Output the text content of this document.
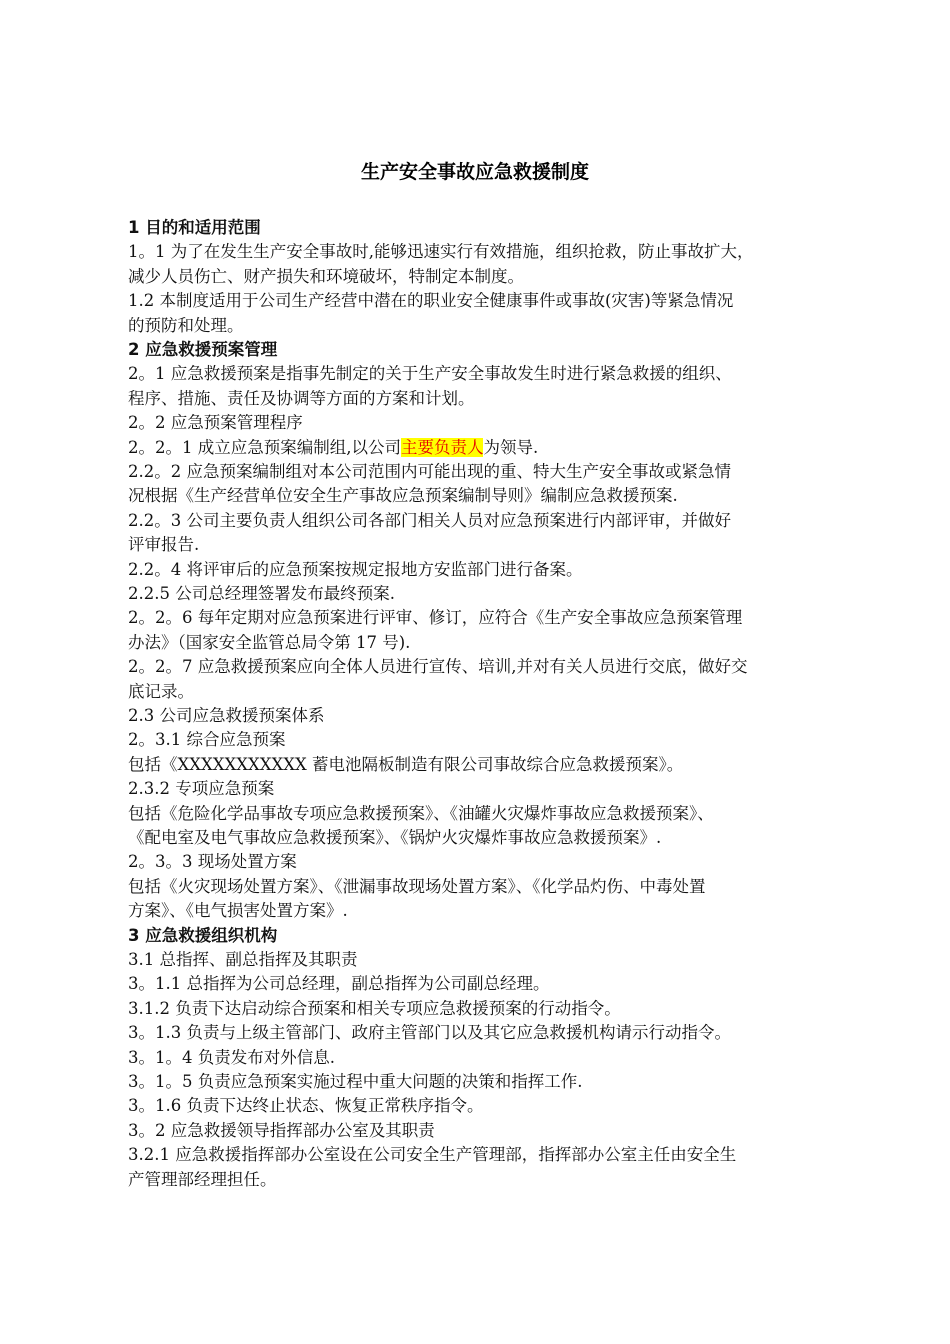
生产安全事故应急救援制度
1 目的和适用范围
1。1 为了在发生生产安全事故时,能够迅速实行有效措施，组织抢救，防止事故扩大，
减少人员伤亡、财产损失和环境破坏，特制定本制度。
1.2 本制度适用于公司生产经营中潜在的职业安全健康事件或事故(灾害)等紧急情况
的预防和处理。
2 应急救援预案管理
2。1 应急救援预案是指事先制定的关于生产安全事故发生时进行紧急救援的组织、
程序、措施、责任及协调等方面的方案和计划。
2。2 应急预案管理程序
2。2。1 成立应急预案编制组,以公司主要负责人为领导.
2.2。2 应急预案编制组对本公司范围内可能出现的重、特大生产安全事故或紧急情
况根据《生产经营单位安全生产事故应急预案编制导则》编制应急救援预案.
2.2。3 公司主要负责人组织公司各部门相关人员对应急预案进行内部评审，并做好
评审报告.
2.2。4 将评审后的应急预案按规定报地方安监部门进行备案。
2.2.5 公司总经理签署发布最终预案.
2。2。6 每年定期对应急预案进行评审、修订，应符合《生产安全事故应急预案管理
办法》（国家安全监管总局令第 17 号).
2。2。7 应急救援预案应向全体人员进行宣传、培训,并对有关人员进行交底，做好交
底记录。
2.3 公司应急救援预案体系
2。3.1 综合应急预案
包括《XXXXXXXXXXX 蓄电池隔板制造有限公司事故综合应急救援预案》。
2.3.2 专项应急预案
包括《危险化学品事故专项应急救援预案》、《油罐火灾爆炸事故应急救援预案》、
《配电室及电气事故应急救援预案》、《锅炉火灾爆炸事故应急救援预案》.
2。3。3 现场处置方案
包括《火灾现场处置方案》、《泄漏事故现场处置方案》、《化学品灼伤、中毒处置
方案》、《电气损害处置方案》.
3 应急救援组织机构
3.1 总指挥、副总指挥及其职责
3。1.1 总指挥为公司总经理，副总指挥为公司副总经理。
3.1.2 负责下达启动综合预案和相关专项应急救援预案的行动指令。
3。1.3 负责与上级主管部门、政府主管部门以及其它应急救援机构请示行动指令。
3。1。4 负责发布对外信息.
3。1。5 负责应急预案实施过程中重大问题的决策和指挥工作.
3。1.6 负责下达终止状态、恢复正常秩序指令。
3。2 应急救援领导指挥部办公室及其职责
3.2.1 应急救援指挥部办公室设在公司安全生产管理部，指挥部办公室主任由安全生
产管理部经理担任。
